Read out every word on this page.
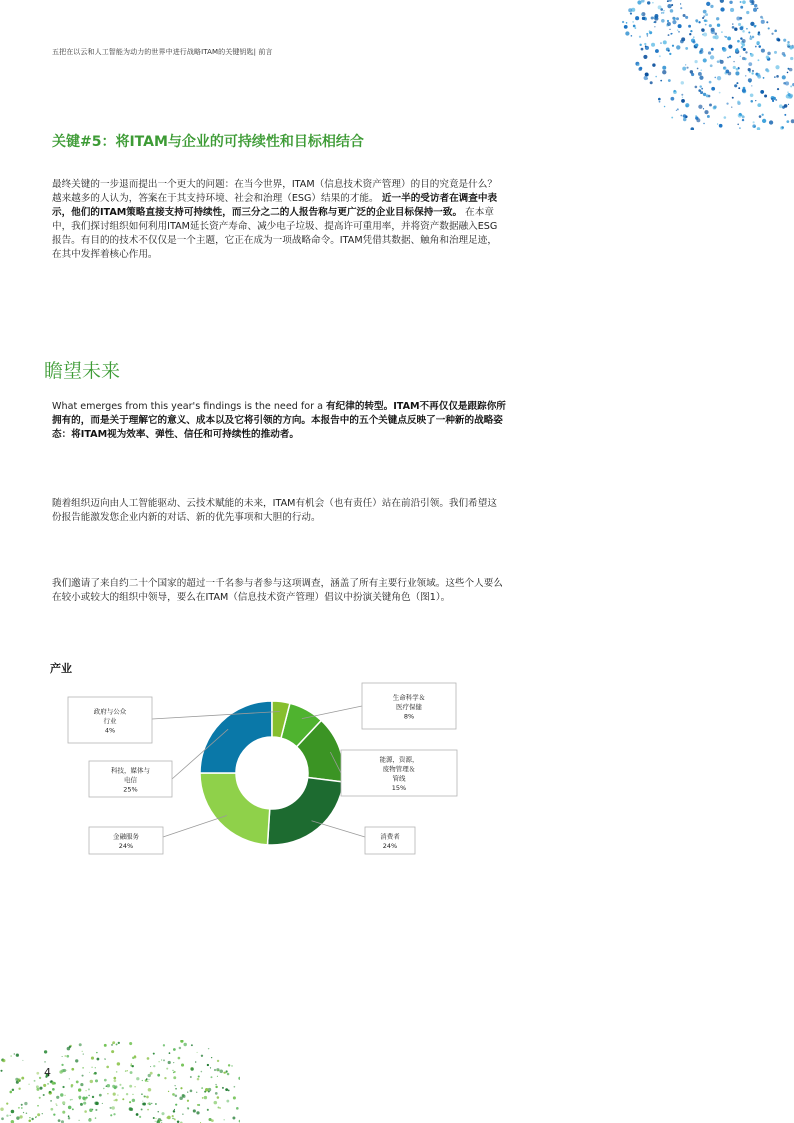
五把在以云和人工智能为动力的世界中进行战略ITAM的关键钥匙| 前言
关键#5：将ITAM与企业的可持续性和目标相结合
最终关键的一步退而提出一个更大的问题：在当今世界，ITAM（信息技术资产管理）的目的究竟是什么？越来越多的人认为，答案在于其支持环境、社会和治理（ESG）结果的才能。 近一半的受访者在调查中表示，他们的ITAM策略直接支持可持续性，而三分之二的人报告称与更广泛的企业目标保持一致。 在本章中，我们探讨组织如何利用ITAM延长资产寿命、减少电子垃圾、提高许可重用率，并将资产数据融入ESG报告。有目的的技术不仅仅是一个主题，它正在成为一项战略命令。ITAM凭借其数据、触角和治理足迹，在其中发挥着核心作用。
瞻望未来
What emerges from this year's findings is the need for a 有纪律的转型。ITAM不再仅仅是跟踪你所拥有的，而是关于理解它的意义、成本以及它将引领的方向。本报告中的五个关键点反映了一种新的战略姿态：将ITAM视为效率、弹性、信任和可持续性的推动者。
随着组织迈向由人工智能驱动、云技术赋能的未来，ITAM有机会（也有责任）站在前沿引领。我们希望这份报告能激发您企业内新的对话、新的优先事项和大胆的行动。
我们邀请了来自约二十个国家的超过一千名参与者参与这项调查，涵盖了所有主要行业领域。这些个人要么在较小或较大的组织中领导，要么在ITAM（信息技术资产管理）倡议中扮演关键角色（图1）。
产业
生命科学＆
医疗保健
8%
能源，资源，
废物管理＆
管线
15%
消费者
24%
金融服务
24%
科技，媒体与
电信
25%
政府与公众
行业
4%
4
